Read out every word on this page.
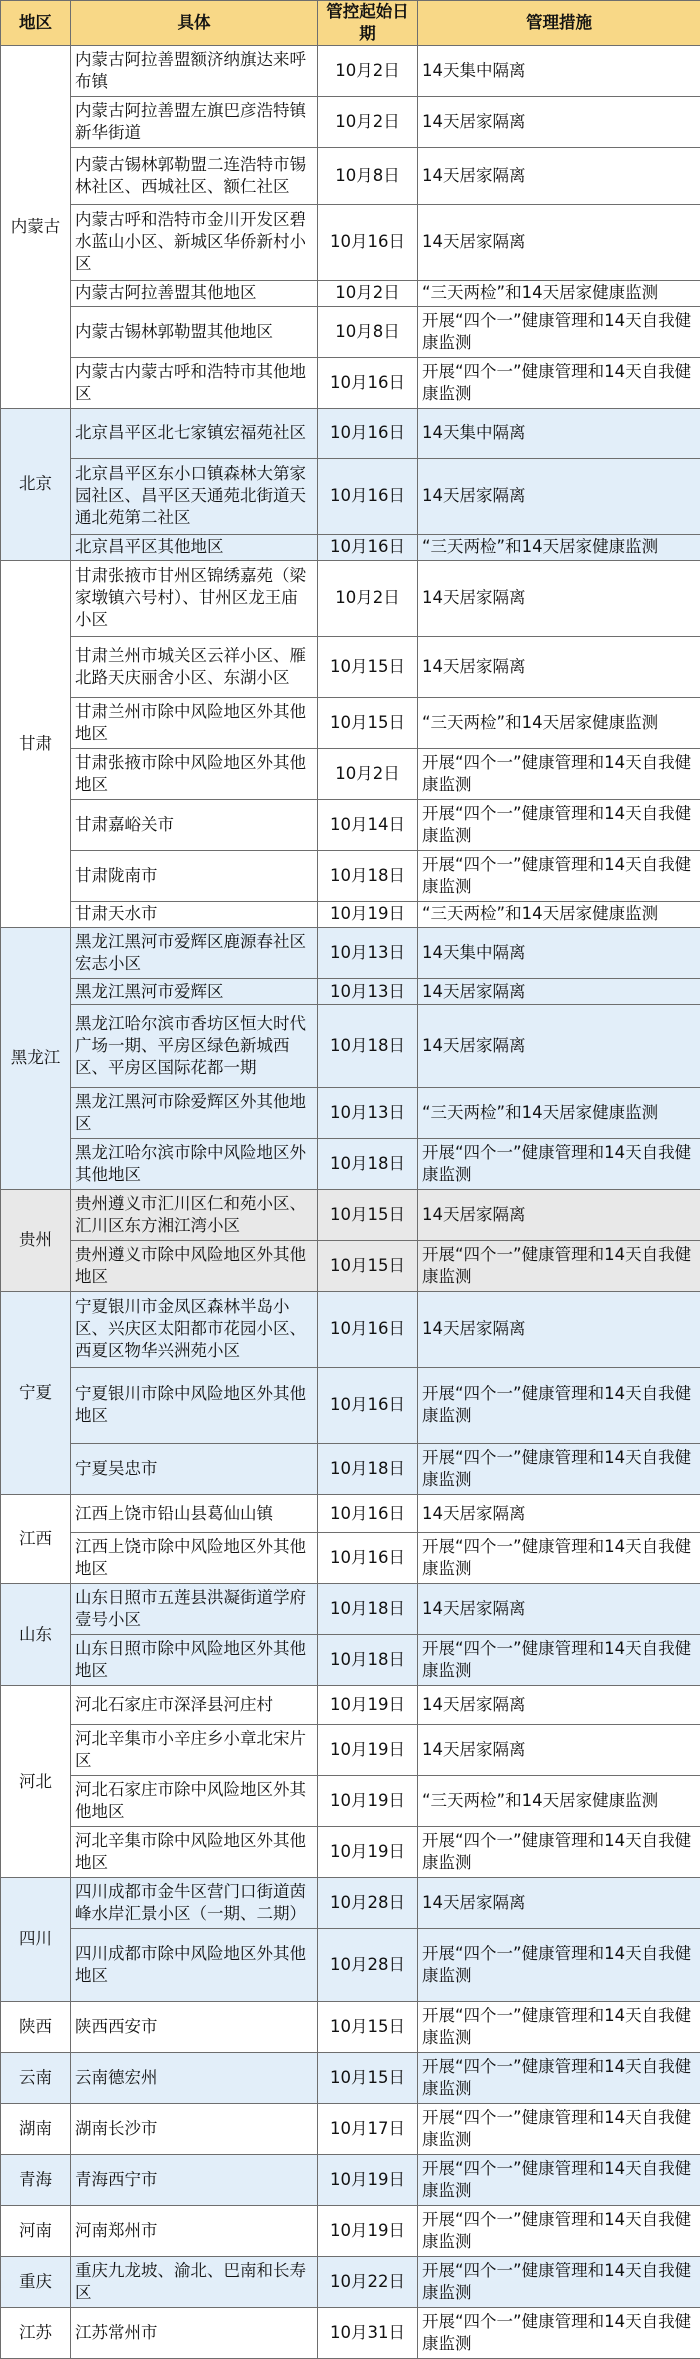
地区	具体	管控起始日期	管理措施
内蒙古	内蒙古阿拉善盟额济纳旗达来呼布镇	10月2日	14天集中隔离
	内蒙古阿拉善盟左旗巴彦浩特镇新华街道	10月2日	14天居家隔离
	内蒙古锡林郭勒盟二连浩特市锡林社区、西城社区、额仁社区	10月8日	14天居家隔离
	内蒙古呼和浩特市金川开发区碧水蓝山小区、新城区华侨新村小区	10月16日	14天居家隔离
	内蒙古阿拉善盟其他地区	10月2日	“三天两检”和14天居家健康监测
	内蒙古锡林郭勒盟其他地区	10月8日	开展“四个一”健康管理和14天自我健康监测
	内蒙古内蒙古呼和浩特市其他地区	10月16日	开展“四个一”健康管理和14天自我健康监测
北京	北京昌平区北七家镇宏福苑社区	10月16日	14天集中隔离
	北京昌平区东小口镇森林大第家园社区、昌平区天通苑北街道天通北苑第二社区	10月16日	14天居家隔离
	北京昌平区其他地区	10月16日	“三天两检”和14天居家健康监测
甘肃	甘肃张掖市甘州区锦绣嘉苑（梁家墩镇六号村）、甘州区龙王庙小区	10月2日	14天居家隔离
	甘肃兰州市城关区云祥小区、雁北路天庆丽舍小区、东湖小区	10月15日	14天居家隔离
	甘肃兰州市除中风险地区外其他地区	10月15日	“三天两检”和14天居家健康监测
	甘肃张掖市除中风险地区外其他地区	10月2日	开展“四个一”健康管理和14天自我健康监测
	甘肃嘉峪关市	10月14日	开展“四个一”健康管理和14天自我健康监测
	甘肃陇南市	10月18日	开展“四个一”健康管理和14天自我健康监测
	甘肃天水市	10月19日	“三天两检”和14天居家健康监测
黑龙江	黑龙江黑河市爱辉区鹿源春社区宏志小区	10月13日	14天集中隔离
	黑龙江黑河市爱辉区	10月13日	14天居家隔离
	黑龙江哈尔滨市香坊区恒大时代广场一期、平房区绿色新城西区、平房区国际花都一期	10月18日	14天居家隔离
	黑龙江黑河市除爱辉区外其他地区	10月13日	“三天两检”和14天居家健康监测
	黑龙江哈尔滨市除中风险地区外其他地区	10月18日	开展“四个一”健康管理和14天自我健康监测
贵州	贵州遵义市汇川区仁和苑小区、汇川区东方湘江湾小区	10月15日	14天居家隔离
	贵州遵义市除中风险地区外其他地区	10月15日	开展“四个一”健康管理和14天自我健康监测
宁夏	宁夏银川市金凤区森林半岛小区、兴庆区太阳都市花园小区、西夏区物华兴洲苑小区	10月16日	14天居家隔离
	宁夏银川市除中风险地区外其他地区	10月16日	开展“四个一”健康管理和14天自我健康监测
	宁夏吴忠市	10月18日	开展“四个一”健康管理和14天自我健康监测
江西	江西上饶市铅山县葛仙山镇	10月16日	14天居家隔离
	江西上饶市除中风险地区外其他地区	10月16日	开展“四个一”健康管理和14天自我健康监测
山东	山东日照市五莲县洪凝街道学府壹号小区	10月18日	14天居家隔离
	山东日照市除中风险地区外其他地区	10月18日	开展“四个一”健康管理和14天自我健康监测
河北	河北石家庄市深泽县河庄村	10月19日	14天居家隔离
	河北辛集市小辛庄乡小章北宋片区	10月19日	14天居家隔离
	河北石家庄市除中风险地区外其他地区	10月19日	“三天两检”和14天居家健康监测
	河北辛集市除中风险地区外其他地区	10月19日	开展“四个一”健康管理和14天自我健康监测
四川	四川成都市金牛区营门口街道茵峰水岸汇景小区（一期、二期）	10月28日	14天居家隔离
	四川成都市除中风险地区外其他地区	10月28日	开展“四个一”健康管理和14天自我健康监测
陕西	陕西西安市	10月15日	开展“四个一”健康管理和14天自我健康监测
云南	云南德宏州	10月15日	开展“四个一”健康管理和14天自我健康监测
湖南	湖南长沙市	10月17日	开展“四个一”健康管理和14天自我健康监测
青海	青海西宁市	10月19日	开展“四个一”健康管理和14天自我健康监测
河南	河南郑州市	10月19日	开展“四个一”健康管理和14天自我健康监测
重庆	重庆九龙坡、渝北、巴南和长寿区	10月22日	开展“四个一”健康管理和14天自我健康监测
江苏	江苏常州市	10月31日	开展“四个一”健康管理和14天自我健康监测
